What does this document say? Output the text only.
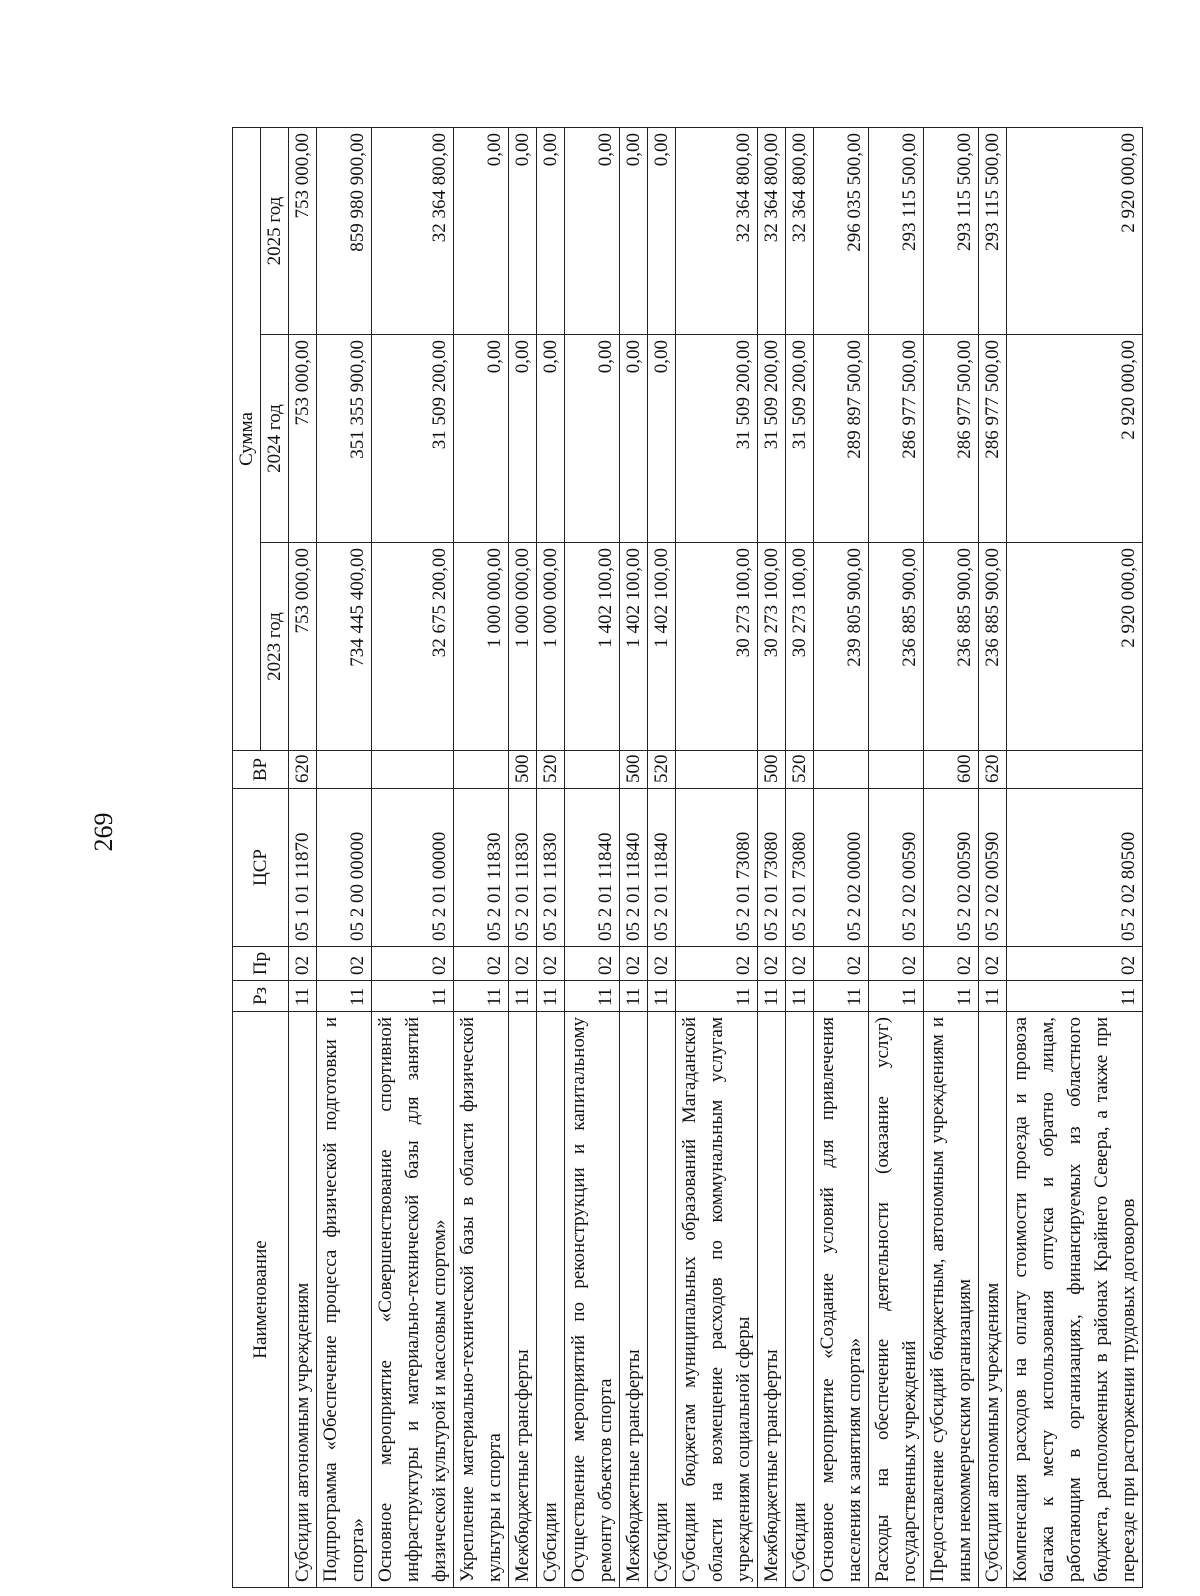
269
Наименование	Рз	Пр	ЦСР	ВР	Сумма		
					2023 год	2024 год	2025 год
Субсидии автономным учреждениям	11	02	05 1 01 11870	620	753 000,00	753 000,00	753 000,00
Подпрограмма «Обеспечение процесса физической подготовки и спорта»	11	02	05 2 00 00000		734 445 400,00	351 355 900,00	859 980 900,00
Основное мероприятие «Совершенствование спортивной инфраструктуры и материально-технической базы для занятий физической культурой и массовым спортом»	11	02	05 2 01 00000		32 675 200,00	31 509 200,00	32 364 800,00
Укрепление материально-технической базы в области физической культуры и спорта	11	02	05 2 01 11830		1 000 000,00	0,00	0,00
Межбюджетные трансферты	11	02	05 2 01 11830	500	1 000 000,00	0,00	0,00
Субсидии	11	02	05 2 01 11830	520	1 000 000,00	0,00	0,00
Осуществление мероприятий по реконструкции и капитальному ремонту объектов спорта	11	02	05 2 01 11840		1 402 100,00	0,00	0,00
Межбюджетные трансферты	11	02	05 2 01 11840	500	1 402 100,00	0,00	0,00
Субсидии	11	02	05 2 01 11840	520	1 402 100,00	0,00	0,00
Субсидии бюджетам муниципальных образований Магаданской области на возмещение расходов по коммунальным услугам учреждениям социальной сферы	11	02	05 2 01 73080		30 273 100,00	31 509 200,00	32 364 800,00
Межбюджетные трансферты	11	02	05 2 01 73080	500	30 273 100,00	31 509 200,00	32 364 800,00
Субсидии	11	02	05 2 01 73080	520	30 273 100,00	31 509 200,00	32 364 800,00
Основное мероприятие «Создание условий для привлечения населения к занятиям спорта»	11	02	05 2 02 00000		239 805 900,00	289 897 500,00	296 035 500,00
Расходы на обеспечение деятельности (оказание услуг) государственных учреждений	11	02	05 2 02 00590		236 885 900,00	286 977 500,00	293 115 500,00
Предоставление субсидий бюджетным, автономным учреждениям и иным некоммерческим организациям	11	02	05 2 02 00590	600	236 885 900,00	286 977 500,00	293 115 500,00
Субсидии автономным учреждениям	11	02	05 2 02 00590	620	236 885 900,00	286 977 500,00	293 115 500,00
Компенсация расходов на оплату стоимости проезда и провоза багажа к месту использования отпуска и обратно лицам, работающим в организациях, финансируемых из областного бюджета, расположенных в районах Крайнего Севера, а также при переезде при расторжении трудовых договоров	11	02	05 2 02 80500		2 920 000,00	2 920 000,00	2 920 000,00
